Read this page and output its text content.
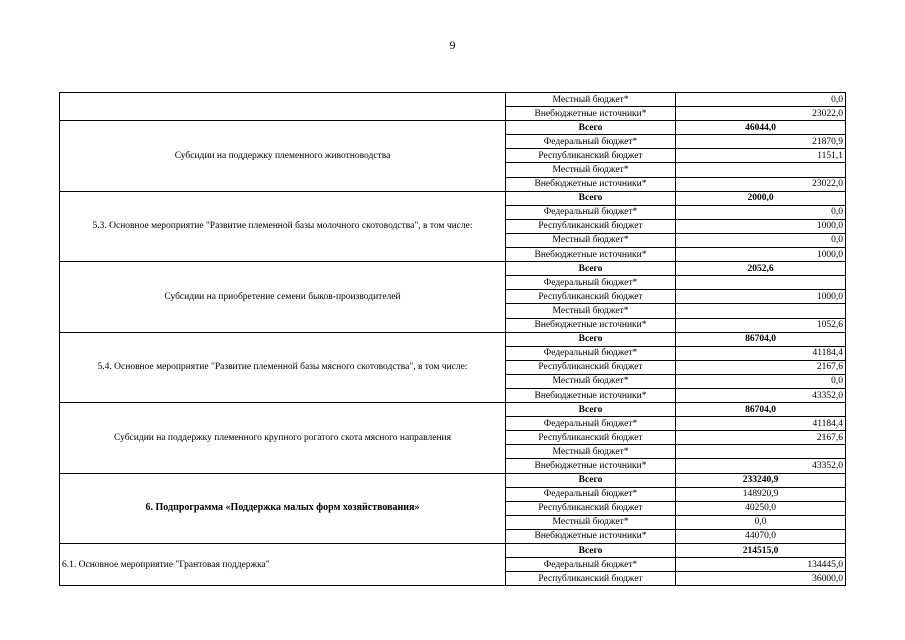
9
	Местный бюджет*	0,0
	Внебюджетные источники*	23022,0
Субсидии на поддержку племенного животноводства	Всего	46044,0
	Федеральный бюджет*	21870,9
	Республиканский бюджет	1151,1
	Местный бюджет*	
	Внебюджетные источники*	23022,0
5.3. Основное мероприятие "Развитие племенной базы молочного скотоводства", в том числе:	Всего	2000,0
	Федеральный бюджет*	0,0
	Республиканский бюджет	1000,0
	Местный бюджет*	0,0
	Внебюджетные источники*	1000,0
Субсидии на приобретение семени быков-производителей	Всего	2052,6
	Федеральный бюджет*	
	Республиканский бюджет	1000,0
	Местный бюджет*	
	Внебюджетные источники*	1052,6
5.4. Основное мероприятие "Развитие племенной базы мясного скотоводства", в том числе:	Всего	86704,0
	Федеральный бюджет*	41184,4
	Республиканский бюджет	2167,6
	Местный бюджет*	0,0
	Внебюджетные источники*	43352,0
Субсидии на поддержку племенного крупного рогатого скота мясного направления	Всего	86704,0
	Федеральный бюджет*	41184,4
	Республиканский бюджет	2167,6
	Местный бюджет*	
	Внебюджетные источники*	43352,0
6. Подпрограмма «Поддержка малых форм хозяйствования»	Всего	233240,9
	Федеральный бюджет*	148920,9
	Республиканский бюджет	40250,0
	Местный бюджет*	0,0
	Внебюджетные источники*	44070,0
6.1. Основное мероприятие "Грантовая поддержка"	Всего	214515,0
	Федеральный бюджет*	134445,0
	Республиканский бюджет	36000,0
